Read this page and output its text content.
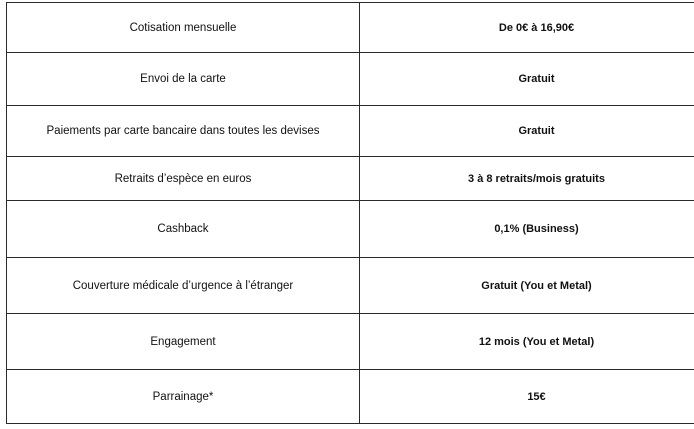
Cotisation mensuelle	De 0€ à 16,90€
Envoi de la carte	Gratuit
Paiements par carte bancaire dans toutes les devises	Gratuit
Retraits d’espèce en euros	3 à 8 retraits/mois gratuits
Cashback	0,1% (Business)
Couverture médicale d’urgence à l’étranger	Gratuit (You et Metal)
Engagement	12 mois (You et Metal)
Parrainage*	15€
